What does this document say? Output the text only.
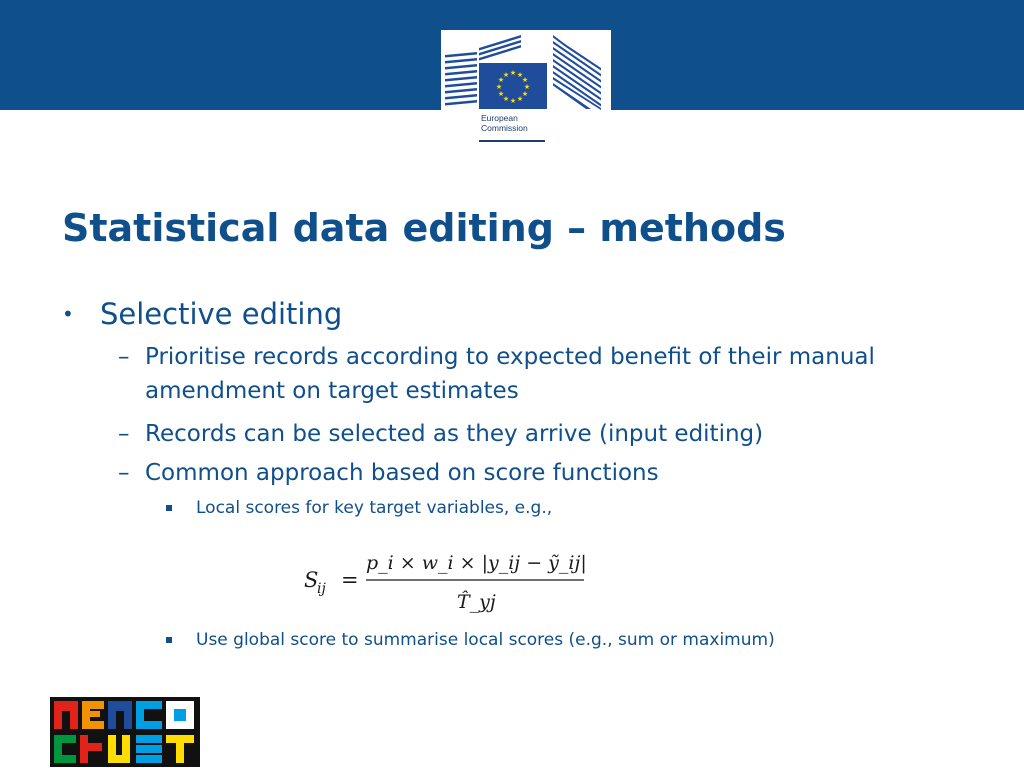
★ ★
★
★
★
★
★
★
★
★
★
★
European
Commission
Statistical data editing – methods
• Selective editing
– Prioritise records according to expected benefit of their manual amendment on target estimates
– Records can be selected as they arrive (input editing)
– Common approach based on score functions
Local scores for key target variables, e.g.,
S
ij =
p_i × w_i × |y_ij − ỹ_ij|
T̂_yj
Use global score to summarise local scores (e.g., sum or maximum)
